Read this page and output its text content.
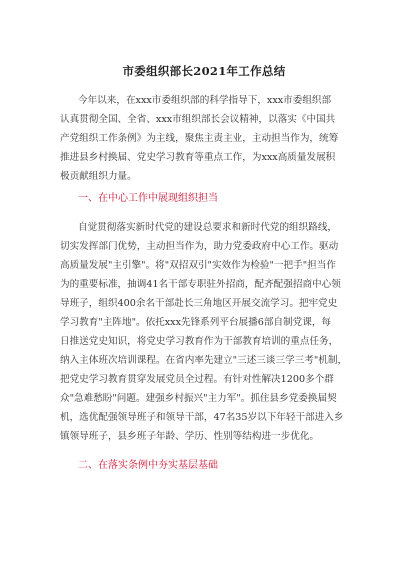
市委组织部长2021年工作总结
今年以来，在xxx市委组织部的科学指导下，xxx市委组织部
认真贯彻全国、全省、xxx市组织部长会议精神，以落实《中国共
产党组织工作条例》为主线，聚焦主责主业，主动担当作为，统筹
推进县乡村换届、党史学习教育等重点工作，为xxx高质量发展积
极贡献组织力量。
一、在中心工作中展现组织担当
自觉贯彻落实新时代党的建设总要求和新时代党的组织路线，
切实发挥部门优势，主动担当作为，助力党委政府中心工作。驱动
高质量发展"主引擎"。将"双招双引"实效作为检验"一把手"担当作
为的重要标准，抽调41名干部专职驻外招商，配齐配强招商中心领
导班子，组织400余名干部赴长三角地区开展交流学习。把牢党史
学习教育"主阵地"。依托xxx先锋系列平台展播6部自制党课，每
日推送党史知识，将党史学习教育作为干部教育培训的重点任务，
纳入主体班次培训课程。在省内率先建立"三述三谈三学三考"机制，
把党史学习教育贯穿发展党员全过程。有针对性解决1200多个群
众"急难愁盼"问题。建强乡村振兴"主力军"。抓住县乡党委换届契
机，选优配强领导班子和领导干部，47名35岁以下年轻干部进入乡
镇领导班子，县乡班子年龄、学历、性别等结构进一步优化。
二、在落实条例中夯实基层基础
